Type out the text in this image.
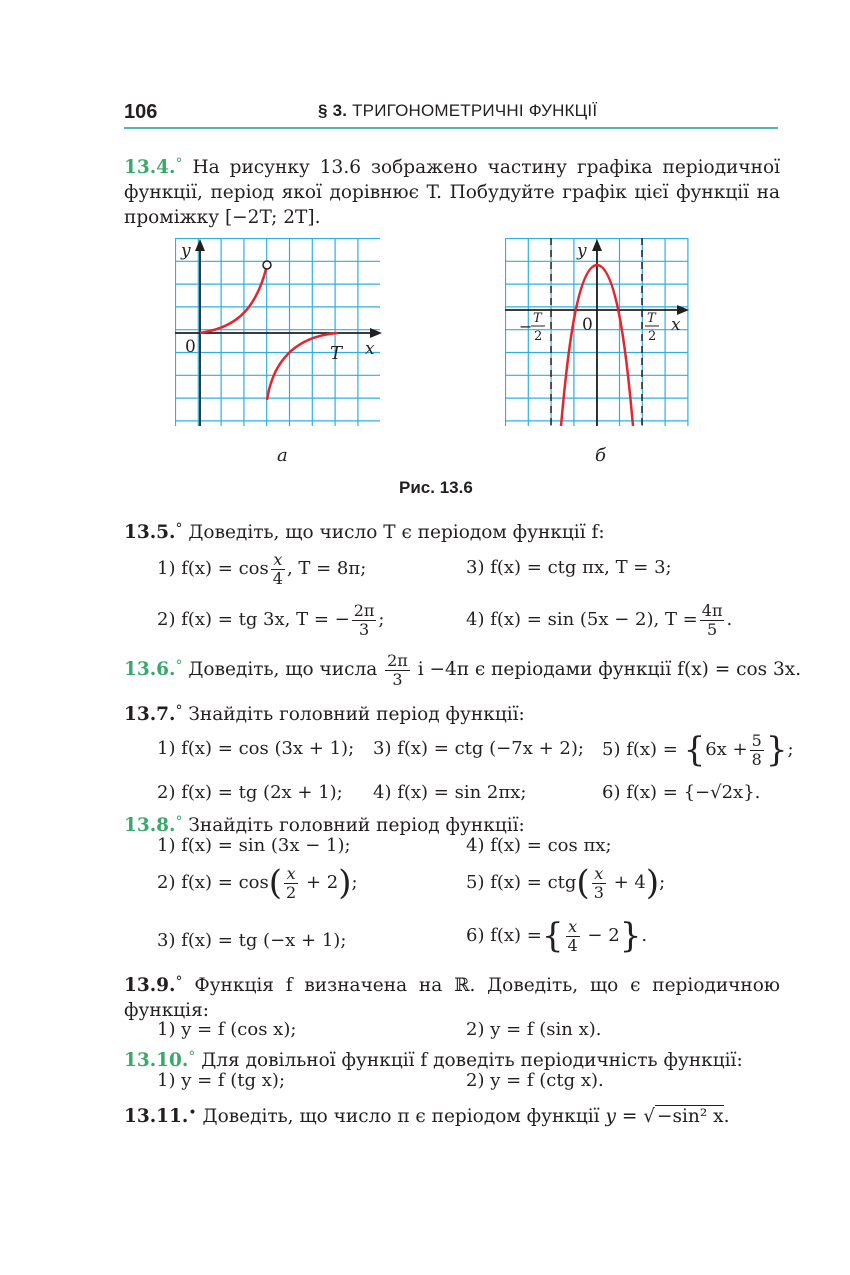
106	§ 3. ТРИГОНОМЕТРИЧНІ ФУНКЦІЇ
13.4.° На рисунку 13.6 зображено частину графіка періодичної функції, період якої дорівнює T. Побудуйте графік цієї функції на проміжку [−2T; 2T].
y
x
0	T
y
x
0
− T
2
T
2
а	б
Рис. 13.6
13.5.° Доведіть, що число T є періодом функції f:
1) $f(x) = \cos \frac{x}{4}$ , T = 8π;	3) f(x) = ctg πx, T = 3;
2) f(x) = tg 3x, T = − $\frac{2\pi}{3}$ ;	4) f(x) = sin (5x − 2), $T = \frac{4\pi}{5}$ .
13.6.° Доведіть, що числа $\frac{2\pi}{3}$ і −4π є періодами функції f(x) = cos 3x.
13.7.° Знайдіть головний період функції:
1) f(x) = cos (3x + 1); 3) f(x) = ctg (−7x + 2); 5) $f(x) = \{6x + \frac{5}{8}$ };
2) f(x) = tg (2x + 1); 4) f(x) = sin 2πx;	6) f(x) = {−√2x}.
13.8.° Знайдіть головний період функції:
1) f(x) = sin (3x − 1);	4) f(x) = cos πx;
2) $f(x) = \cos( \frac{x}{2} + 2)$;	5) $f(x) = ctg( \frac{x}{3} + 4)$;
3) f(x) = tg (−x + 1);	6) f(x) ={ $\frac{x}{4} - 2$}.
13.9.° Функція f визначена на ℝ. Доведіть, що є періодичною функція:
1) y = f (cos x);	2) y = f (sin x).
13.10.° Для довільної функції f доведіть періодичність функції:
1) y = f (tg x);	2) y = f (ctg x).
13.11.• Доведіть, що число π є періодом функції y = √ −sin² x.
